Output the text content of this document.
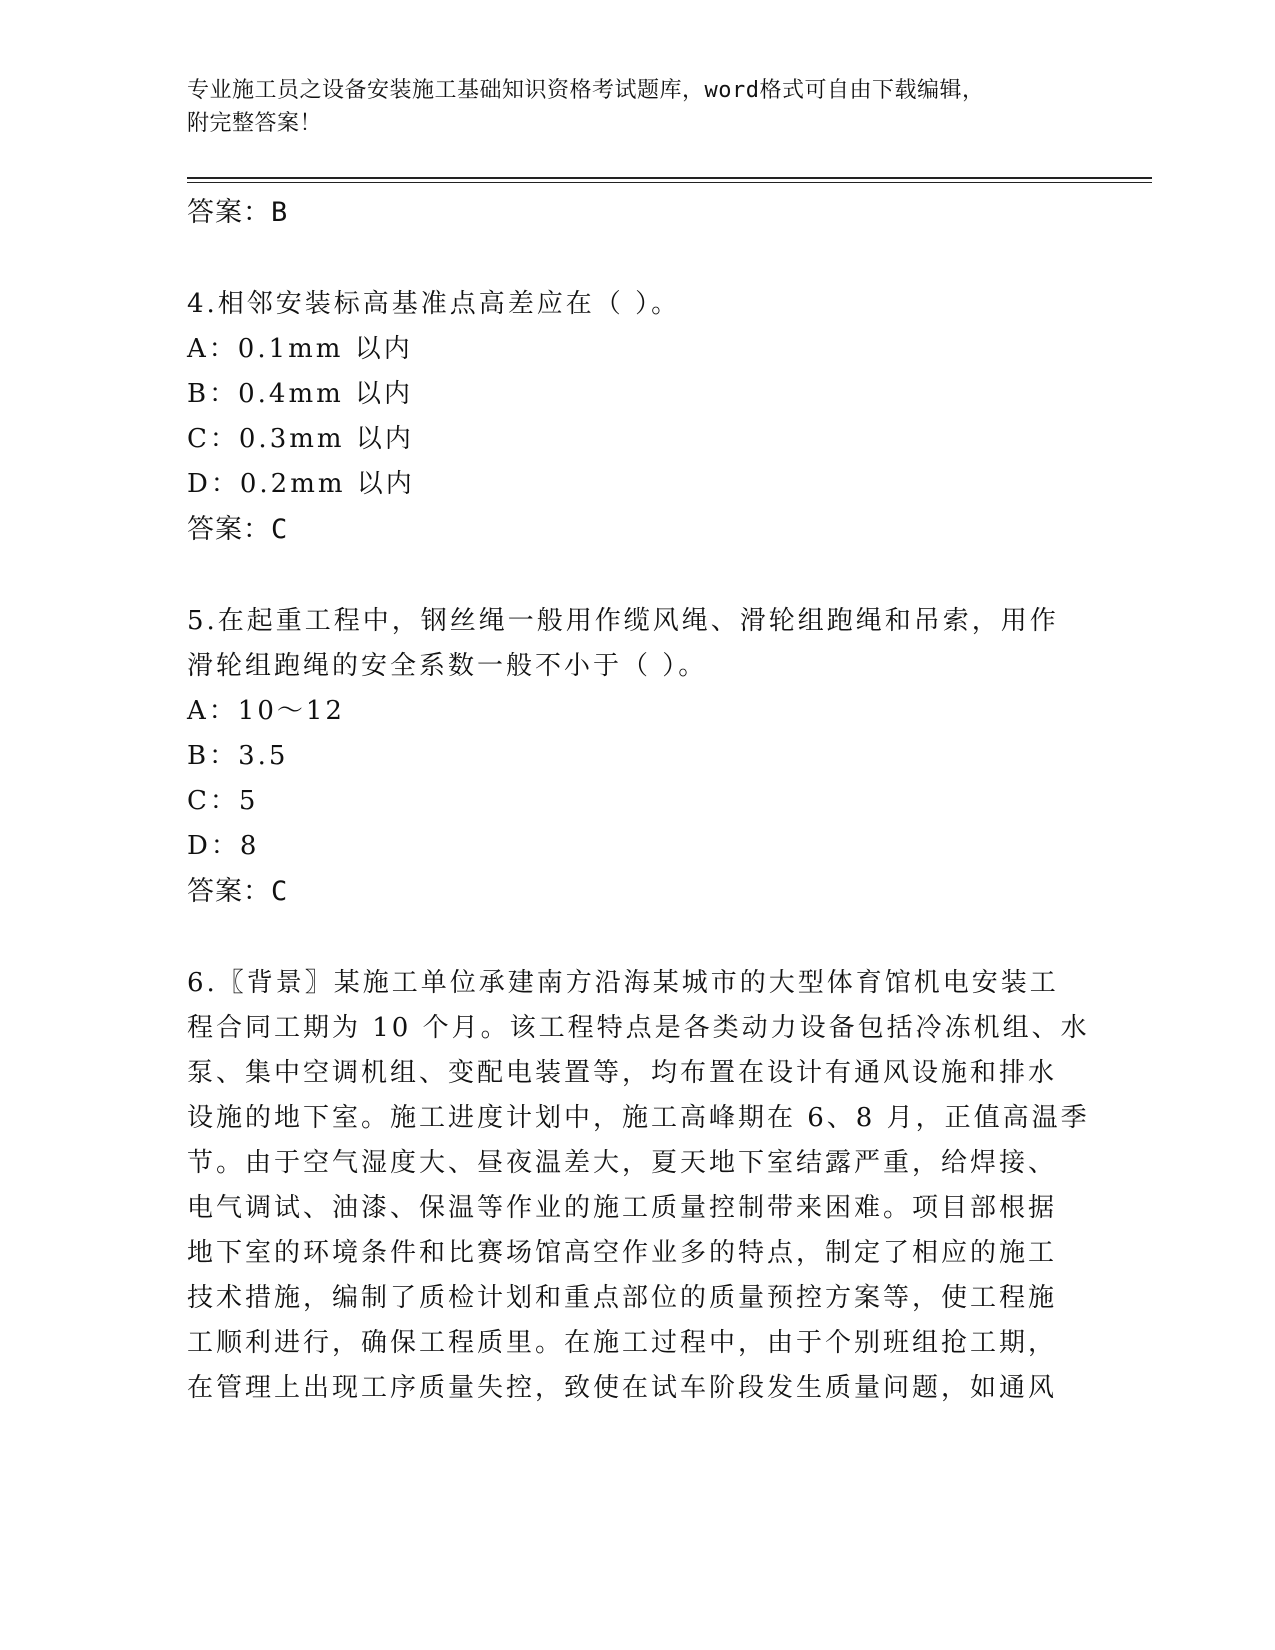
专业施工员之设备安装施工基础知识资格考试题库，word格式可自由下载编辑，
附完整答案！
答案：B
4.相邻安装标高基准点高差应在（ ）。
A：0.1mm 以内
B：0.4mm 以内
C：0.3mm 以内
D：0.2mm 以内
答案：C
5.在起重工程中，钢丝绳一般用作缆风绳、滑轮组跑绳和吊索，用作
滑轮组跑绳的安全系数一般不小于（ ）。
A：10～12
B：3.5
C：5
D：8
答案：C
6.〖背景〗某施工单位承建南方沿海某城市的大型体育馆机电安装工
程合同工期为 10 个月。该工程特点是各类动力设备包括冷冻机组、水
泵、集中空调机组、变配电装置等，均布置在设计有通风设施和排水
设施的地下室。施工进度计划中，施工高峰期在 6、8 月，正值高温季
节。由于空气湿度大、昼夜温差大，夏天地下室结露严重，给焊接、
电气调试、油漆、保温等作业的施工质量控制带来困难。项目部根据
地下室的环境条件和比赛场馆高空作业多的特点，制定了相应的施工
技术措施，编制了质检计划和重点部位的质量预控方案等，使工程施
工顺利进行，确保工程质里。在施工过程中，由于个别班组抢工期，
在管理上出现工序质量失控，致使在试车阶段发生质量问题，如通风
